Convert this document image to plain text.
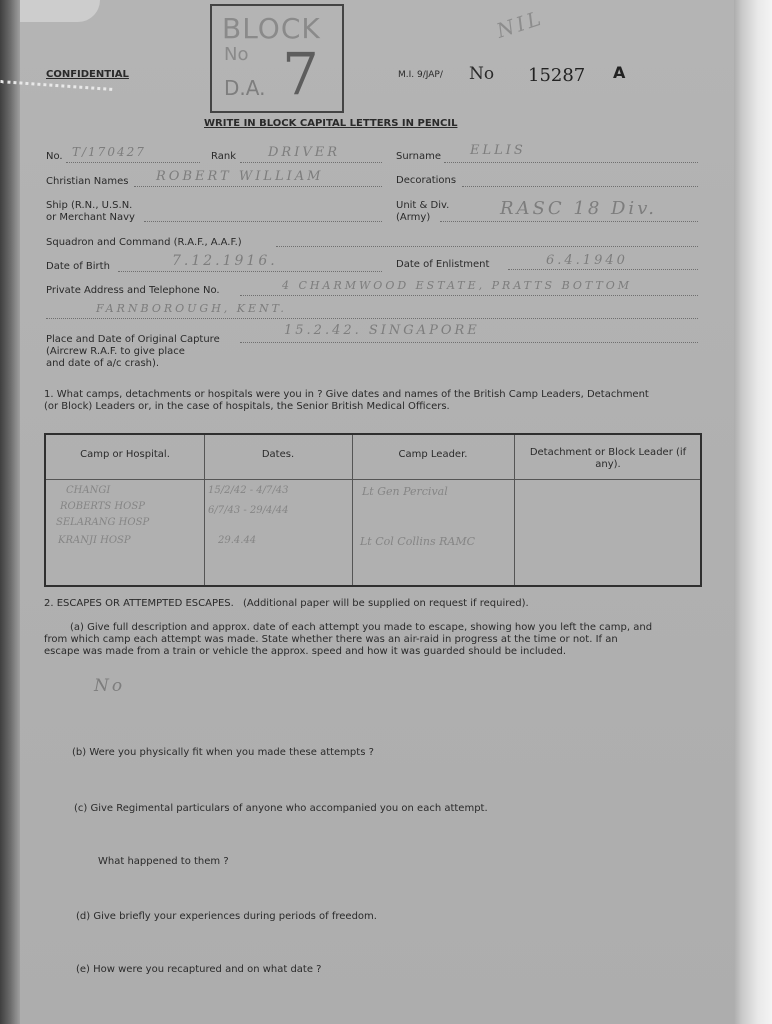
CONFIDENTIAL
BLOCK
No
D.A. 7
NIL
M.I. 9/JAP/ No 15287 A
WRITE IN BLOCK CAPITAL LETTERS IN PENCIL
No. T/170427	Rank DRIVER	Surname ELLIS
Christian Names ROBERT WILLIAM	Decorations
Ship (R.N., U.S.N.
or Merchant Navy
Unit & Div.
(Army)	RASC 18 Div.
Squadron and Command (R.A.F., A.A.F.)
Date of Birth	7.12.1916.	Date of Enlistment	6.4.1940
Private Address and Telephone No.	4 CHARMWOOD ESTATE, PRATTS BOTTOM
FARNBOROUGH, KENT.
Place and Date of Original Capture
(Aircrew R.A.F. to give place
and date of a/c crash).
15.2.42. SINGAPORE
1. What camps, detachments or hospitals were you in ? Give dates and names of the British Camp Leaders, Detachment
(or Block) Leaders or, in the case of hospitals, the Senior British Medical Officers.
Camp or Hospital.	Dates.	Camp Leader.	Detachment or Block Leader (if any).
CHANGI	15/2/42 - 4/7/43	Lt Gen Percival
ROBERTS HOSP	6/7/43 - 29/4/44
SELARANG HOSP
KRANJI HOSP	29.4.44	Lt Col Collins RAMC
2. ESCAPES OR ATTEMPTED ESCAPES. (Additional paper will be supplied on request if required).
(a) Give full description and approx. date of each attempt you made to escape, showing how you left the camp, and
from which camp each attempt was made. State whether there was an air-raid in progress at the time or not. If an
escape was made from a train or vehicle the approx. speed and how it was guarded should be included.
No
(b) Were you physically fit when you made these attempts ?
(c) Give Regimental particulars of anyone who accompanied you on each attempt.
What happened to them ?
(d) Give briefly your experiences during periods of freedom.
(e) How were you recaptured and on what date ?
